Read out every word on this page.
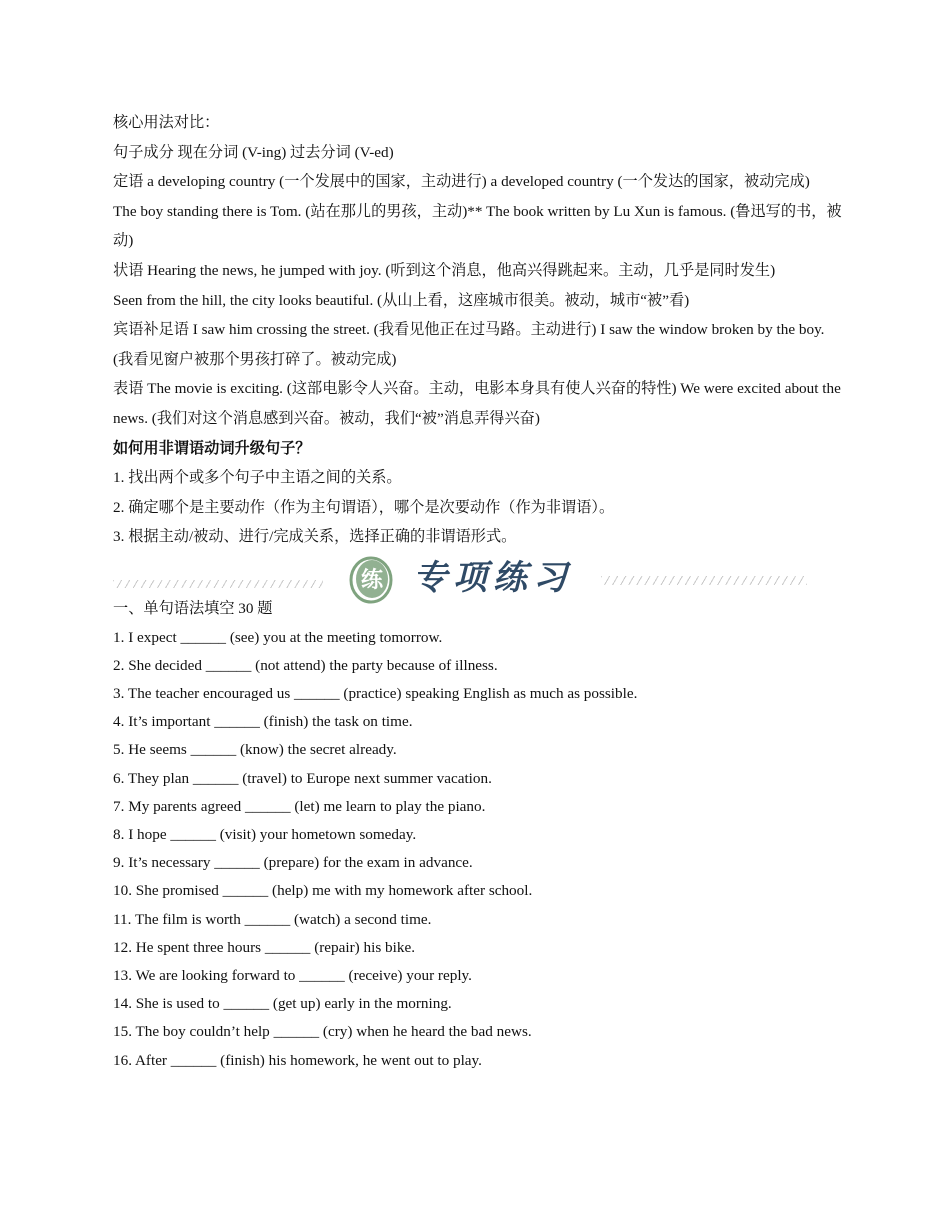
核心用法对比：

句子成分 现在分词 (V-ing) 过去分词 (V-ed)

定语 a developing country (一个发展中的国家，主动进行) a developed country (一个发达的国家，被动完成)

The boy standing there is Tom. (站在那儿的男孩，主动)** The book written by Lu Xun is famous. (鲁迅写的书，被动)

状语 Hearing the news, he jumped with joy. (听到这个消息，他高兴得跳起来。主动，几乎是同时发生)

Seen from the hill, the city looks beautiful. (从山上看，这座城市很美。被动，城市“被”看)

宾语补足语 I saw him crossing the street. (我看见他正在过马路。主动进行) I saw the window broken by the boy. (我看见窗户被那个男孩打碎了。被动完成)

表语 The movie is exciting. (这部电影令人兴奋。主动，电影本身具有使人兴奋的特性) We were excited about the news. (我们对这个消息感到兴奋。被动，我们“被”消息弄得兴奋)

如何用非谓语动词升级句子？

1. 找出两个或多个句子中主语之间的关系。

2. 确定哪个是主要动作（作为主句谓语），哪个是次要动作（作为非谓语）。

3. 根据主动/被动、进行/完成关系，选择正确的非谓语形式。

练 专项练习

一、单句语法填空 30 题

1. I expect ______ (see) you at the meeting tomorrow.

2. She decided ______ (not attend) the party because of illness.

3. The teacher encouraged us ______ (practice) speaking English as much as possible.

4. It’s important ______ (finish) the task on time.

5. He seems ______ (know) the secret already.

6. They plan ______ (travel) to Europe next summer vacation.

7. My parents agreed ______ (let) me learn to play the piano.

8. I hope ______ (visit) your hometown someday.

9. It’s necessary ______ (prepare) for the exam in advance.

10. She promised ______ (help) me with my homework after school.

11. The film is worth ______ (watch) a second time.

12. He spent three hours ______ (repair) his bike.

13. We are looking forward to ______ (receive) your reply.

14. She is used to ______ (get up) early in the morning.

15. The boy couldn’t help ______ (cry) when he heard the bad news.

16. After ______ (finish) his homework, he went out to play.
